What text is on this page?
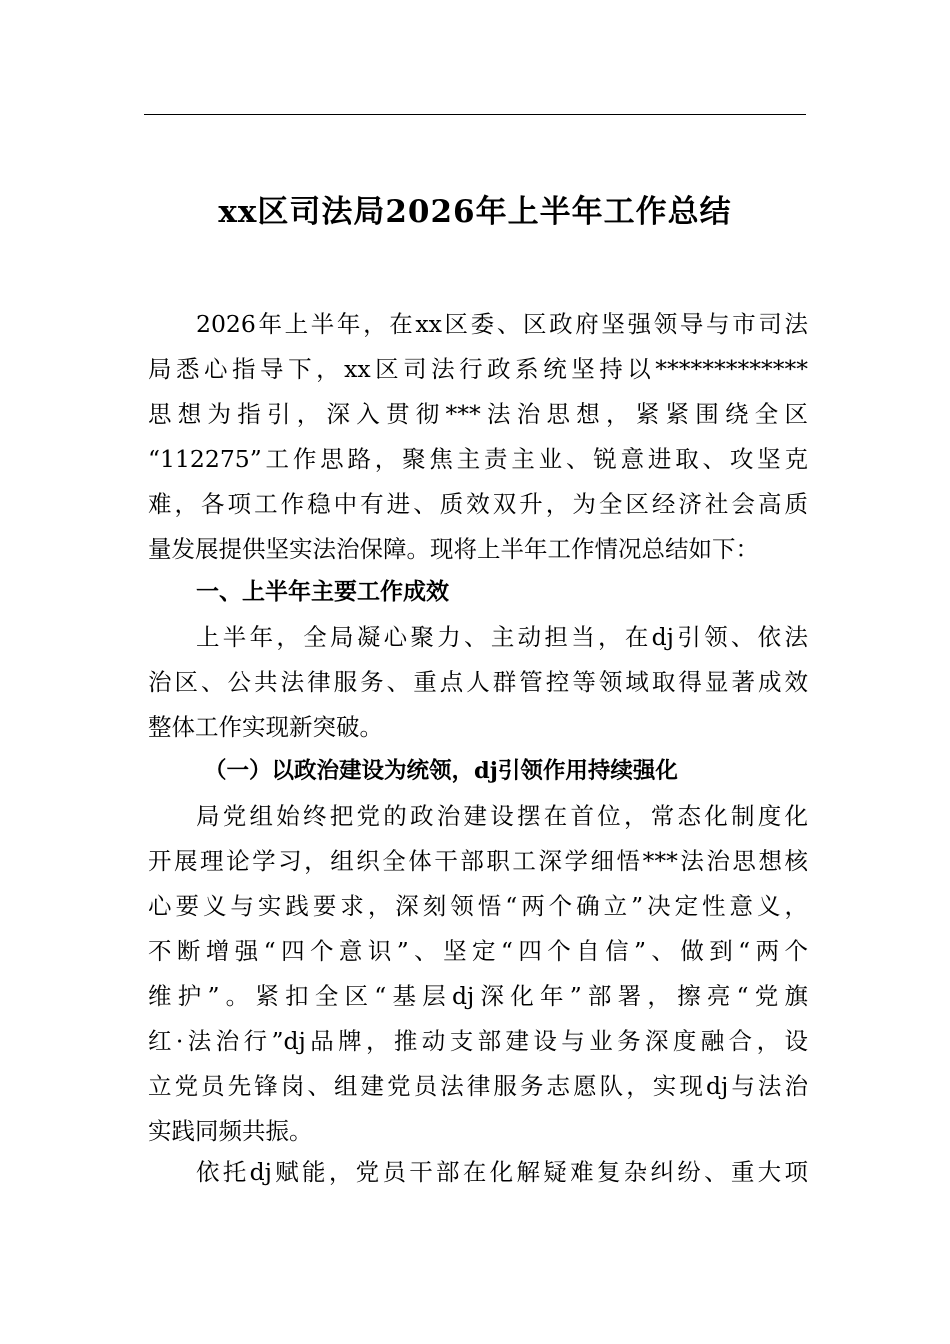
xx区司法局2026年上半年工作总结
2026年上半年，在xx区委、区政府坚强领导与市司法
局悉心指导下，xx区司法行政系统坚持以*************
思想为指引，深入贯彻***法治思想，紧紧围绕全区
“112275”工作思路，聚焦主责主业、锐意进取、攻坚克
难，各项工作稳中有进、质效双升，为全区经济社会高质
量发展提供坚实法治保障。现将上半年工作情况总结如下：
一、上半年主要工作成效
上半年，全局凝心聚力、主动担当，在dj引领、依法
治区、公共法律服务、重点人群管控等领域取得显著成效
整体工作实现新突破。
（一）以政治建设为统领，dj引领作用持续强化
局党组始终把党的政治建设摆在首位，常态化制度化
开展理论学习，组织全体干部职工深学细悟***法治思想核
心要义与实践要求，深刻领悟“两个确立”决定性意义，
不断增强“四个意识”、坚定“四个自信”、做到“两个
维护”。紧扣全区“基层dj深化年”部署，擦亮“党旗
红·法治行”dj品牌，推动支部建设与业务深度融合，设
立党员先锋岗、组建党员法律服务志愿队，实现dj与法治
实践同频共振。
依托dj赋能，党员干部在化解疑难复杂纠纷、重大项
